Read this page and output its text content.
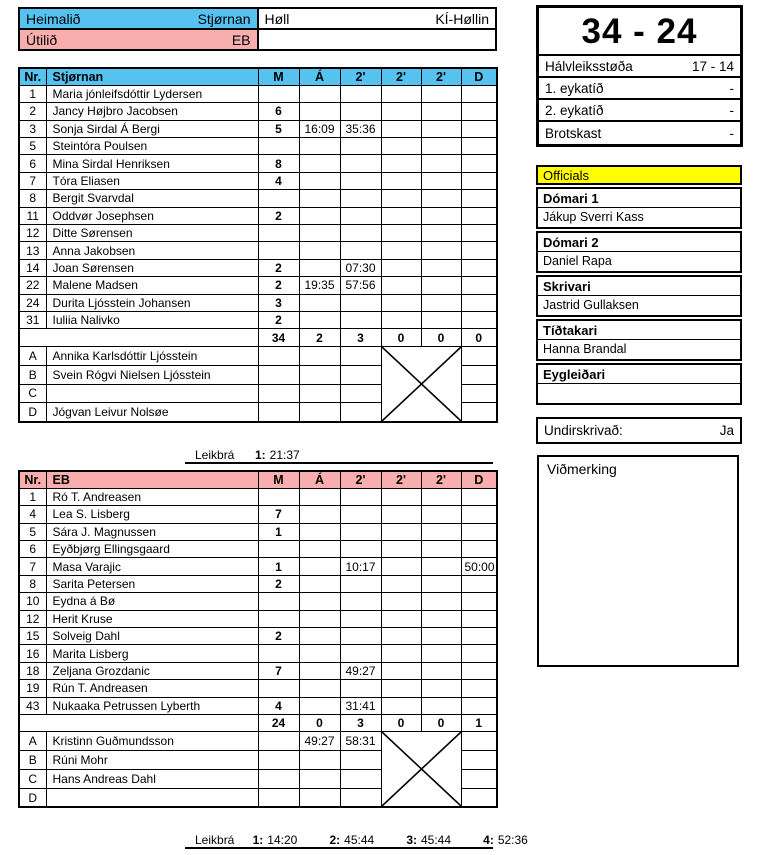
Heimalið Stjørnan	Høll KÍ-Høllin

Útilið EB	
		34 - 24
Hálvleiksstøða	17 - 14
1. eykatíð	-
2. eykatíð	-
Brotskast	-
Nr.	Stjørnan	M	Á	2'	2'	2'	D
1	Maria jónleifsdóttir Lydersen						
2	Jancy Højbro Jacobsen	6					
3	Sonja Sirdal Á Bergi	5	16:09	35:36			
5	Steintóra Poulsen						
6	Mina Sirdal Henriksen	8					
7	Tóra Eliasen	4					
8	Bergit Svarvdal						
11	Oddvør Josephsen	2					
12	Ditte Sørensen						
13	Anna Jakobsen						
14	Joan Sørensen	2		07:30			
22	Malene Madsen	2	19:35	57:56			
24	Durita Ljósstein Johansen	3					
31	Iuliia Nalivko	2					
		34	2	3	0	0	0
A	Annika Karlsdóttir Ljósstein				

B	Svein Rógvi Nielsen Ljósstein						
C							
D	Jógvan Leivur Nolsøe						
Leikbrá	1: 21:37
Nr.	EB	M	Á	2'	2'	2'	D
1	Ró T. Andreasen						
4	Lea S. Lisberg	7					
5	Sára J. Magnussen	1					
6	Eyðbjørg Ellingsgaard						
7	Masa Varajic	1		10:17			50:00
8	Sarita Petersen	2					
10	Eydna á Bø						
12	Herit Kruse						
15	Solveig Dahl	2					
16	Marita Lisberg						
18	Zeljana Grozdanic	7		49:27			
19	Rún T. Andreasen						
43	Nukaaka Petrussen Lyberth	4		31:41			
		24	0	3	0	0	1
A	Kristinn Guðmundsson		49:27	58:31	

B	Rúni Mohr						
C	Hans Andreas Dahl						
D							
Leikbrá	1: 14:20	2: 45:44	3: 45:44	4: 52:36
Officials
Dómari 1
Jákup Sverri Kass
Dómari 2
Daniel Rapa
Skrivari
Jastrid Gullaksen
Tíðtakari
Hanna Brandal
Eygleiðari
Undirskrivað:	Ja
Viðmerking
